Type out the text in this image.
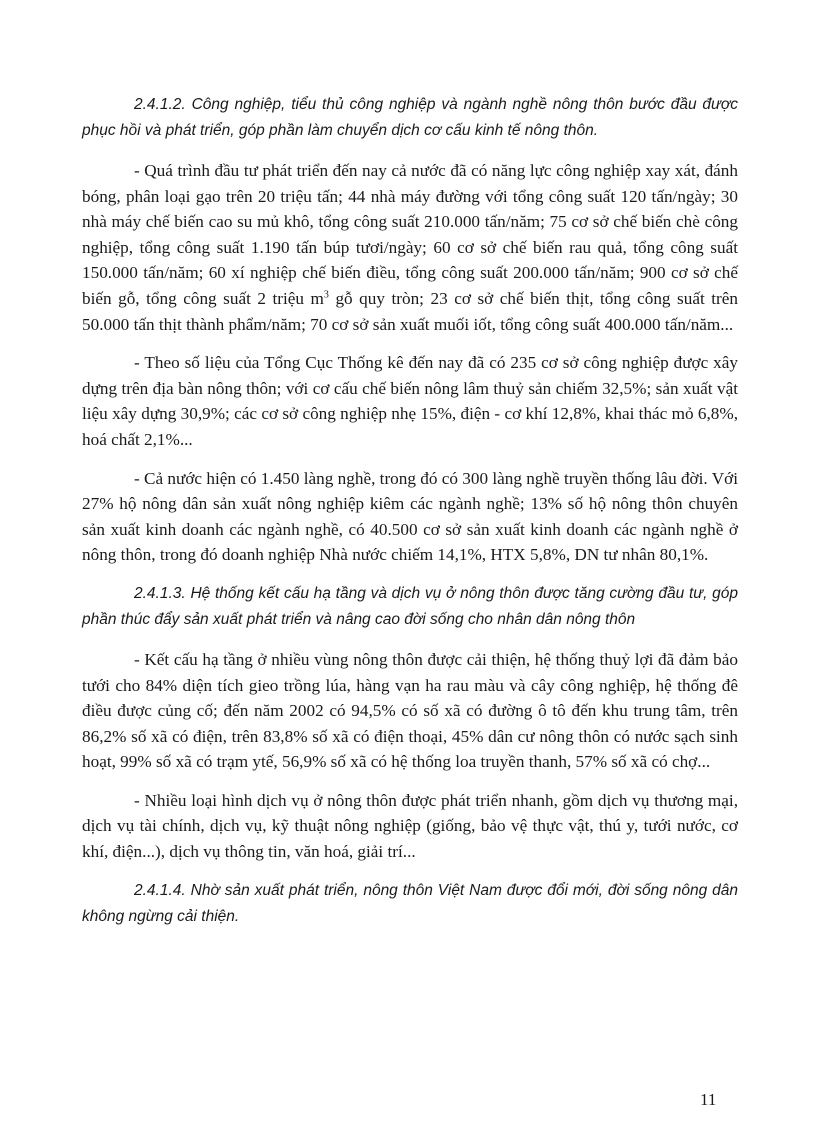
2.4.1.2. Công nghiệp, tiểu thủ công nghiệp và ngành nghề nông thôn bước đầu được phục hồi và phát triển, góp phần làm chuyển dịch cơ cấu kinh tế nông thôn.

- Quá trình đầu tư phát triển đến nay cả nước đã có năng lực công nghiệp xay xát, đánh bóng, phân loại gạo trên 20 triệu tấn; 44 nhà máy đường với tổng công suất 120 tấn/ngày; 30 nhà máy chế biến cao su mủ khô, tổng công suất 210.000 tấn/năm; 75 cơ sở chế biến chè công nghiệp, tổng công suất 1.190 tấn búp tươi/ngày; 60 cơ sở chế biến rau quả, tổng công suất 150.000 tấn/năm; 60 xí nghiệp chế biến điều, tổng công suất 200.000 tấn/năm; 900 cơ sở chế biến gỗ, tổng công suất 2 triệu $m^3$ gỗ quy tròn; 23 cơ sở chế biến thịt, tổng công suất trên 50.000 tấn thịt thành phẩm/năm; 70 cơ sở sản xuất muối iốt, tổng công suất 400.000 tấn/năm...

- Theo số liệu của Tổng Cục Thống kê đến nay đã có 235 cơ sở công nghiệp được xây dựng trên địa bàn nông thôn; với cơ cấu chế biến nông lâm thuỷ sản chiếm 32,5%; sản xuất vật liệu xây dựng 30,9%; các cơ sở công nghiệp nhẹ 15%, điện - cơ khí 12,8%, khai thác mỏ 6,8%, hoá chất 2,1%...

- Cả nước hiện có 1.450 làng nghề, trong đó có 300 làng nghề truyền thống lâu đời. Với 27% hộ nông dân sản xuất nông nghiệp kiêm các ngành nghề; 13% số hộ nông thôn chuyên sản xuất kinh doanh các ngành nghề, có 40.500 cơ sở sản xuất kinh doanh các ngành nghề ở nông thôn, trong đó doanh nghiệp Nhà nước chiếm 14,1%, HTX 5,8%, DN tư nhân 80,1%.

2.4.1.3. Hệ thống kết cấu hạ tầng và dịch vụ ở nông thôn được tăng cường đầu tư, góp phần thúc đẩy sản xuất phát triển và nâng cao đời sống cho nhân dân nông thôn

- Kết cấu hạ tầng ở nhiều vùng nông thôn được cải thiện, hệ thống thuỷ lợi đã đảm bảo tưới cho 84% diện tích gieo trồng lúa, hàng vạn ha rau màu và cây công nghiệp, hệ thống đê điều được củng cố; đến năm 2002 có 94,5% có số xã có đường ô tô đến khu trung tâm, trên 86,2% số xã có điện, trên 83,8% số xã có điện thoại, 45% dân cư nông thôn có nước sạch sinh hoạt, 99% số xã có trạm ytế, 56,9% số xã có hệ thống loa truyền thanh, 57% số xã có chợ...

- Nhiều loại hình dịch vụ ở nông thôn được phát triển nhanh, gồm dịch vụ thương mại, dịch vụ tài chính, dịch vụ, kỹ thuật nông nghiệp (giống, bảo vệ thực vật, thú y, tưới nước, cơ khí, điện...), dịch vụ thông tin, văn hoá, giải trí...

2.4.1.4. Nhờ sản xuất phát triển, nông thôn Việt Nam được đổi mới, đời sống nông dân không ngừng cải thiện.

11
